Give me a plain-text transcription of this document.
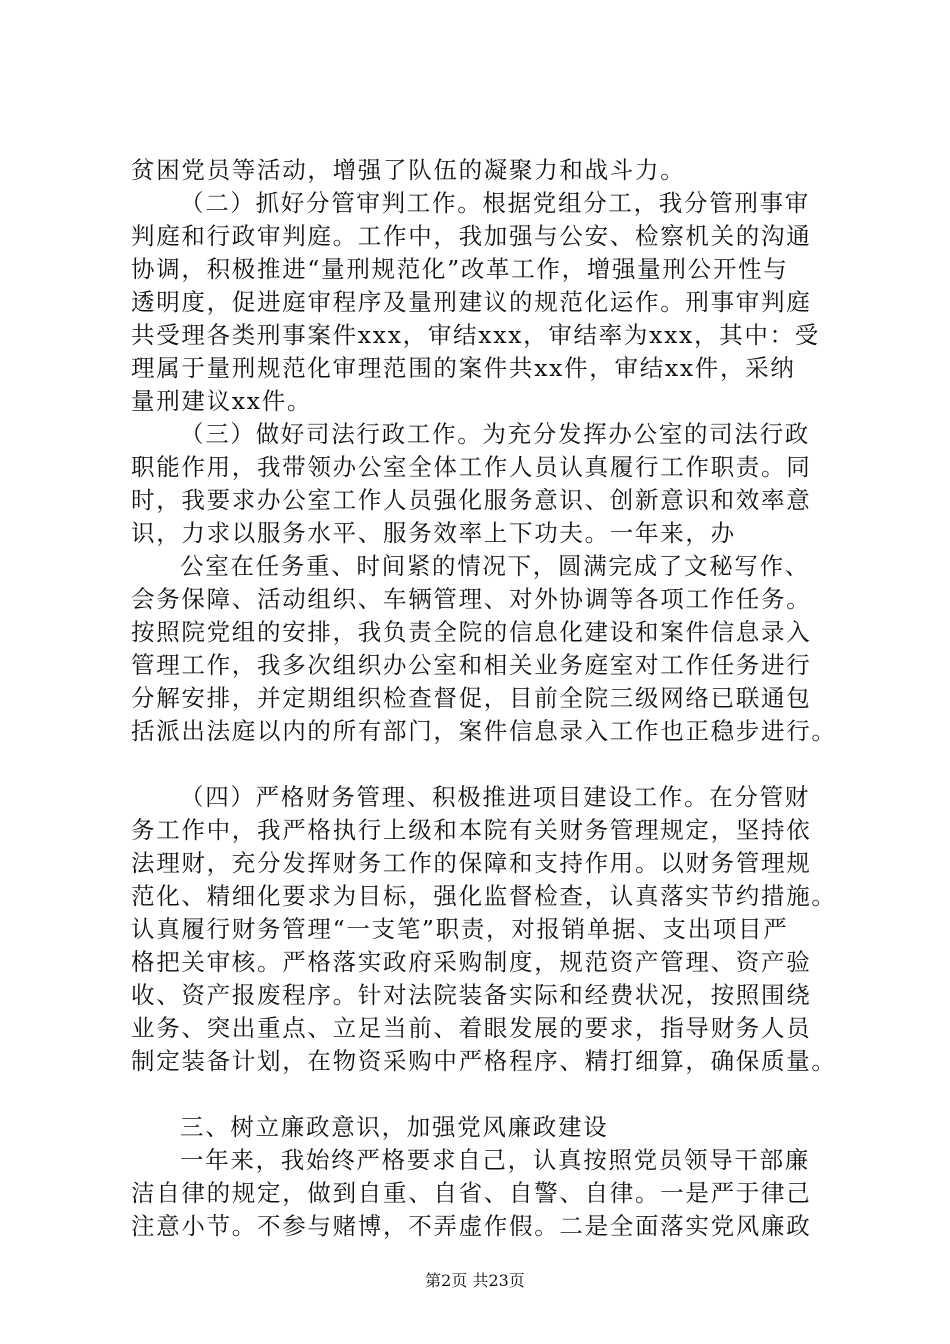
贫困党员等活动，增强了队伍的凝聚力和战斗力。
（二）抓好分管审判工作。根据党组分工，我分管刑事审
判庭和行政审判庭。工作中，我加强与公安、检察机关的沟通
协调，积极推进“量刑规范化”改革工作，增强量刑公开性与
透明度，促进庭审程序及量刑建议的规范化运作。刑事审判庭
共受理各类刑事案件xxx，审结xxx，审结率为xxx，其中：受
理属于量刑规范化审理范围的案件共xx件，审结xx件，采纳
量刑建议xx件。
（三）做好司法行政工作。为充分发挥办公室的司法行政
职能作用，我带领办公室全体工作人员认真履行工作职责。同
时，我要求办公室工作人员强化服务意识、创新意识和效率意
识，力求以服务水平、服务效率上下功夫。一年来，办
公室在任务重、时间紧的情况下，圆满完成了文秘写作、
会务保障、活动组织、车辆管理、对外协调等各项工作任务。
按照院党组的安排，我负责全院的信息化建设和案件信息录入
管理工作，我多次组织办公室和相关业务庭室对工作任务进行
分解安排，并定期组织检查督促，目前全院三级网络已联通包
括派出法庭以内的所有部门，案件信息录入工作也正稳步进行。
（四）严格财务管理、积极推进项目建设工作。在分管财
务工作中，我严格执行上级和本院有关财务管理规定，坚持依
法理财，充分发挥财务工作的保障和支持作用。以财务管理规
范化、精细化要求为目标，强化监督检查，认真落实节约措施。
认真履行财务管理“一支笔”职责，对报销单据、支出项目严
格把关审核。严格落实政府采购制度，规范资产管理、资产验
收、资产报废程序。针对法院装备实际和经费状况，按照围绕
业务、突出重点、立足当前、着眼发展的要求，指导财务人员
制定装备计划，在物资采购中严格程序、精打细算，确保质量。
三、树立廉政意识，加强党风廉政建设
一年来，我始终严格要求自己，认真按照党员领导干部廉
洁自律的规定，做到自重、自省、自警、自律。一是严于律己
注意小节。不参与赌博，不弄虚作假。二是全面落实党风廉政
第2页 共23页
